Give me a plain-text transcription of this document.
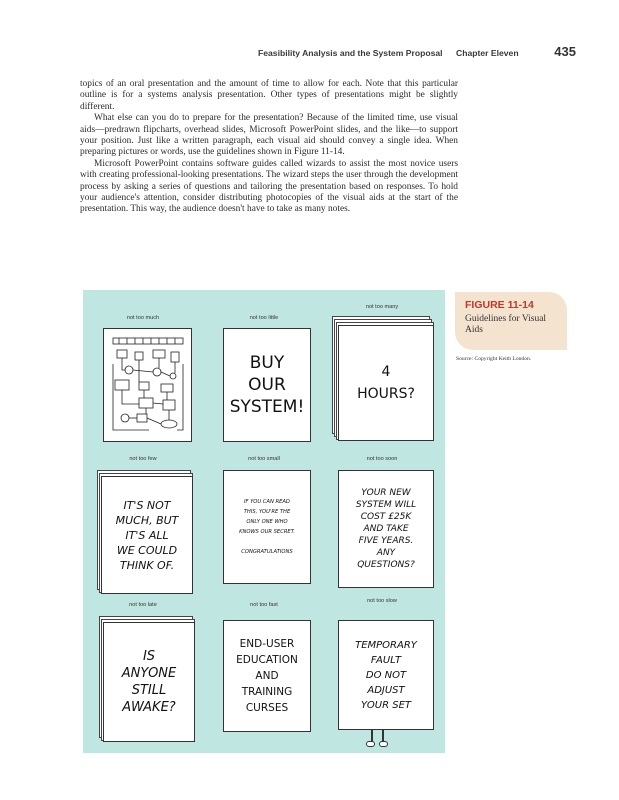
Feasibility Analysis and the System Proposal Chapter Eleven	435

topics of an oral presentation and the amount of time to allow for each. Note that this particular outline is for a systems analysis presentation. Other types of presentations might be slightly different.

What else can you do to prepare for the presentation? Because of the limited time, use visual aids—predrawn flipcharts, overhead slides, Microsoft PowerPoint slides, and the like—to support your position. Just like a written paragraph, each visual aid should convey a single idea. When preparing pictures or words, use the guidelines shown in Figure 11-14.

Microsoft PowerPoint contains software guides called wizards to assist the most novice users with creating professional-looking presentations. The wizard steps the user through the development process by asking a series of questions and tailoring the presentation based on responses. To hold your audience's attention, consider distributing photocopies of the visual aids at the start of the presentation. This way, the audience doesn't have to take as many notes.

FIGURE 11-14
Guidelines for Visual Aids
Source: Copyright Keith London.
not too much	not too little
BUY
OUR
SYSTEM!
not too many
4
HOURS?
not too few
IT'S NOT
MUCH, BUT
IT'S ALL
WE COULD
THINK OF.
not too small
IF YOU CAN READ
THIS, YOU'RE THE
ONLY ONE WHO
KNOWS OUR SECRET.

CONGRATULATIONS
not too soon
YOUR NEW
SYSTEM WILL
COST £25K
AND TAKE
FIVE YEARS.
ANY
QUESTIONS?
not too late
IS
ANYONE
STILL
AWAKE?
not too fast
END-USER
EDUCATION
AND
TRAINING
CURSES
not too slow
TEMPORARY
FAULT
DO NOT
ADJUST
YOUR SET
